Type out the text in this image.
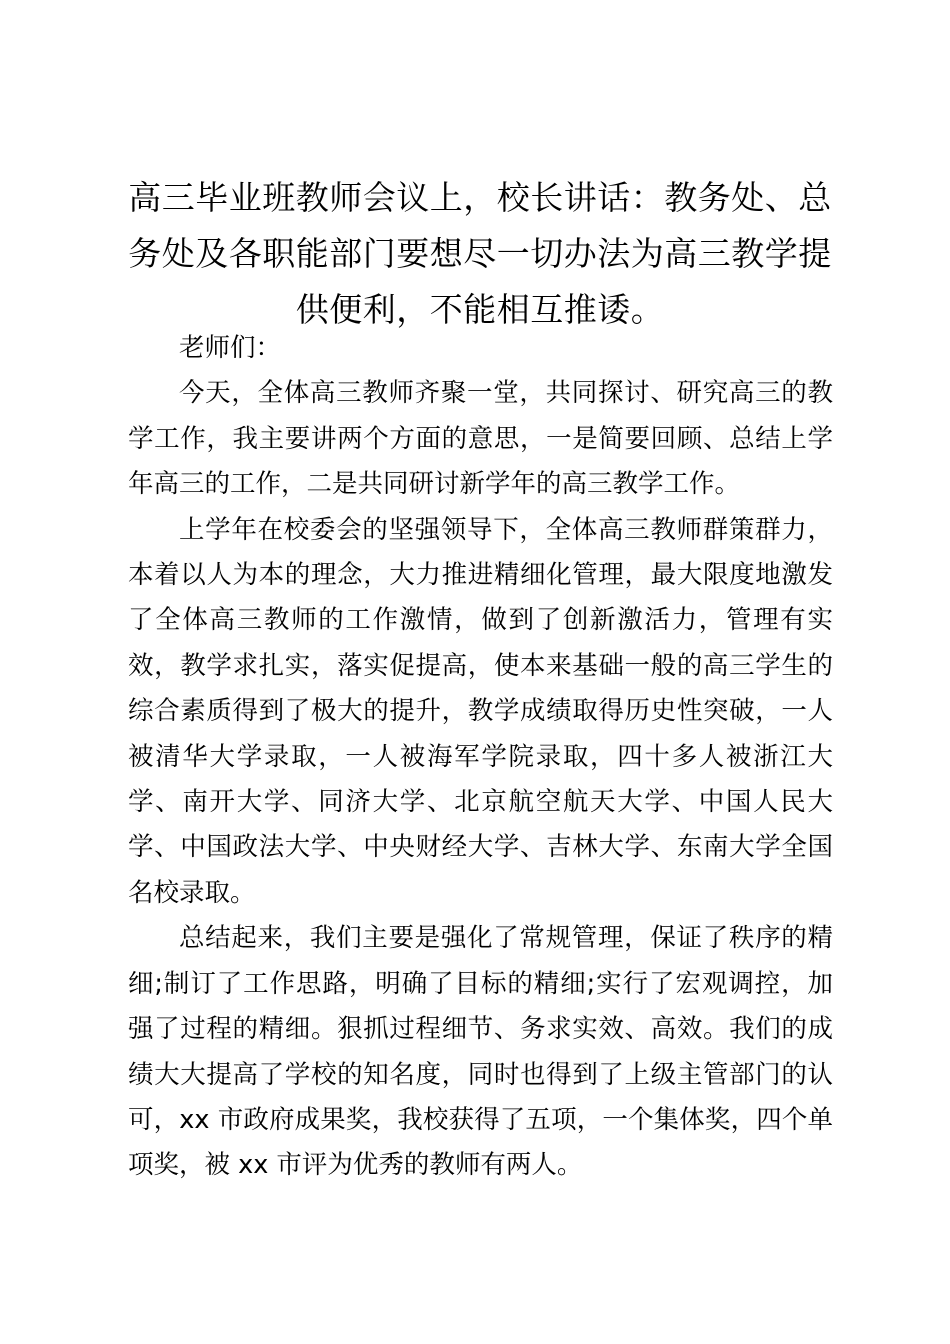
高三毕业班教师会议上，校长讲话：教务处、总务处及各职能部门要想尽一切办法为高三教学提供便利，不能相互推诿。

老师们：

今天，全体高三教师齐聚一堂，共同探讨、研究高三的教学工作，我主要讲两个方面的意思，一是简要回顾、总结上学年高三的工作，二是共同研讨新学年的高三教学工作。

上学年在校委会的坚强领导下，全体高三教师群策群力，本着以人为本的理念，大力推进精细化管理，最大限度地激发了全体高三教师的工作激情，做到了创新激活力，管理有实效，教学求扎实，落实促提高，使本来基础一般的高三学生的综合素质得到了极大的提升，教学成绩取得历史性突破，一人被清华大学录取，一人被海军学院录取，四十多人被浙江大学、南开大学、同济大学、北京航空航天大学、中国人民大学、中国政法大学、中央财经大学、吉林大学、东南大学全国名校录取。

总结起来，我们主要是强化了常规管理，保证了秩序的精细;制订了工作思路，明确了目标的精细;实行了宏观调控，加强了过程的精细。狠抓过程细节、务求实效、高效。我们的成绩大大提高了学校的知名度，同时也得到了上级主管部门的认可，xx 市政府成果奖，我校获得了五项，一个集体奖，四个单项奖，被 xx 市评为优秀的教师有两人。
